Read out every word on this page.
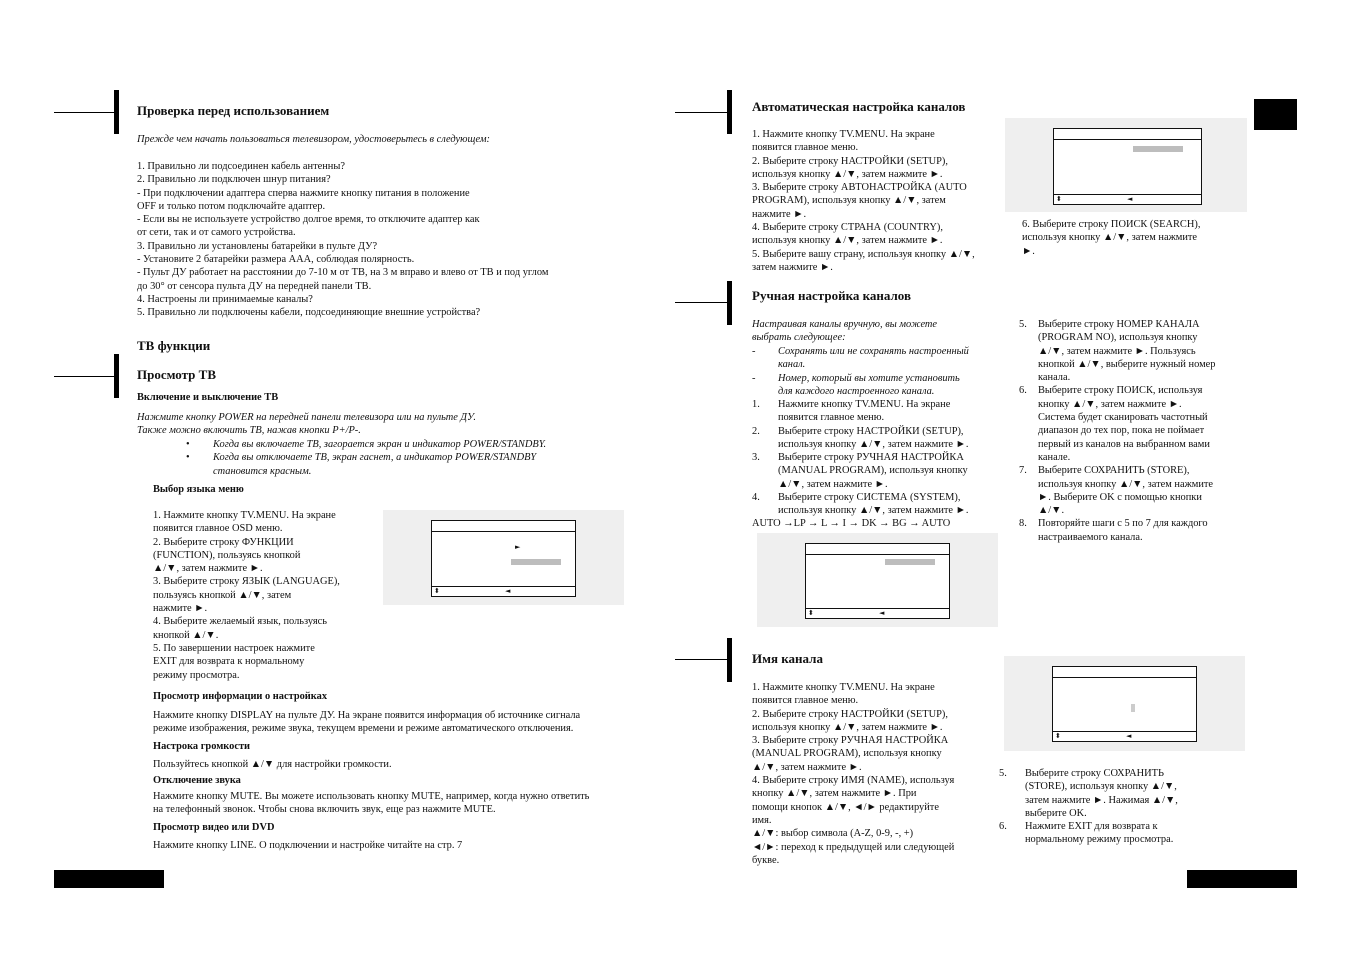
Проверка перед использованием
Прежде чем начать пользоваться телевизором, удостоверьтесь в следующем:
1. Правильно ли подсоединен кабель антенны?
2. Правильно ли подключен шнур питания?
- При подключении адаптера сперва нажмите кнопку питания в положение
OFF и только потом подключайте адаптер.
- Если вы не используете устройство долгое время, то отключите адаптер как
от сети, так и от самого устройства.
3. Правильно ли установлены батарейки в пульте ДУ?
- Установите 2 батарейки размера AAA, соблюдая полярность.
- Пульт ДУ работает на расстоянии до 7-10 м от ТВ, на 3 м вправо и влево от ТВ и под углом
до 30° от сенсора пульта ДУ на передней панели ТВ.
4. Настроены ли принимаемые каналы?
5. Правильно ли подключены кабели, подсоединяющие внешние устройства?
ТВ функции
Просмотр ТВ
Включение и выключение ТВ
Нажмите кнопку POWER на передней панели телевизора или на пульте ДУ.
Также можно включить ТВ, нажав кнопки P+/P-.
• Когда вы включаете ТВ, загорается экран и индикатор POWER/STANDBY.
• Когда вы отключаете ТВ, экран гаснет, а индикатор POWER/STANDBY
становится красным.
Выбор языка меню
1. Нажмите кнопку TV.MENU. На экране
появится главное OSD меню.
2. Выберите строку ФУНКЦИИ
(FUNCTION), пользуясь кнопкой
▲/▼, затем нажмите ►.
3. Выберите строку ЯЗЫК (LANGUAGE),
пользуясь кнопкой ▲/▼, затем
нажмите ►.
4. Выберите желаемый язык, пользуясь
кнопкой ▲/▼.
5. По завершении настроек нажмите
EXIT для возврата к нормальному
режиму просмотра.
►
⬍	◄
Просмотр информации о настройках
Нажмите кнопку DISPLAY на пульте ДУ. На экране появится информация об источнике сигнала
режиме изображения, режиме звука, текущем времени и режиме автоматического отключения.
Настрока громкости
Пользуйтесь кнопкой ▲/▼ для настройки громкости.
Отключение звука
Нажмите кнопку MUTE. Вы можете использовать кнопку MUTE, например, когда нужно ответить
на телефонный звонок. Чтобы снова включить звук, еще раз нажмите MUTE.
Просмотр видео или DVD
Нажмите кнопку LINE. О подключении и настройке читайте на стр. 7
Автоматическая настройка каналов
1. Нажмите кнопку TV.MENU. На экране
появится главное меню.
2. Выберите строку НАСТРОЙКИ (SETUP),
используя кнопку ▲/▼, затем нажмите ►.
3. Выберите строку АВТОНАСТРОЙКА (AUTO
PROGRAM), используя кнопку ▲/▼, затем
нажмите ►.
4. Выберите строку СТРАНА (COUNTRY),
используя кнопку ▲/▼, затем нажмите ►.
5. Выберите вашу страну, используя кнопку ▲/▼,
затем нажмите ►.
⬍	◄
6. Выберите строку ПОИСК (SEARCH),
используя кнопку ▲/▼, затем нажмите
►.
Ручная настройка каналов
Настраивая каналы вручную, вы можете
выбрать следующее:
- Сохранять или не сохранять настроенный
канал.
- Номер, который вы хотите установить
для каждого настроенного канала.
1. Нажмите кнопку TV.MENU. На экране
появится главное меню.
2. Выберите строку НАСТРОЙКИ (SETUP),
используя кнопку ▲/▼, затем нажмите ►.
3. Выберите строку РУЧНАЯ НАСТРОЙКА
(MANUAL PROGRAM), используя кнопку
▲/▼, затем нажмите ►.
4. Выберите строку СИСТЕМА (SYSTEM),
используя кнопку ▲/▼, затем нажмите ►.
AUTO →LP → L → I → DK → BG → AUTO
⬍	◄
5. Выберите строку НОМЕР КАНАЛА
(PROGRAM NO), используя кнопку
▲/▼, затем нажмите ►. Пользуясь
кнопкой ▲/▼, выберите нужный номер
канала.
6. Выберите строку ПОИСК, используя
кнопку ▲/▼, затем нажмите ►.
Система будет сканировать частотный
диапазон до тех пор, пока не поймает
первый из каналов на выбранном вами
канале.
7. Выберите СОХРАНИТЬ (STORE),
используя кнопку ▲/▼, затем нажмите
►. Выберите OK с помощью кнопки
▲/▼.
8. Повторяйте шаги с 5 по 7 для каждого
настраиваемого канала.
Имя канала
1. Нажмите кнопку TV.MENU. На экране
появится главное меню.
2. Выберите строку НАСТРОЙКИ (SETUP),
используя кнопку ▲/▼, затем нажмите ►.
3. Выберите строку РУЧНАЯ НАСТРОЙКА
(MANUAL PROGRAM), используя кнопку
▲/▼, затем нажмите ►.
4. Выберите строку ИМЯ (NAME), используя
кнопку ▲/▼, затем нажмите ►. При
помощи кнопок ▲/▼, ◄/► редактируйте
имя.
▲/▼: выбор символа (A-Z, 0-9, -, +)
◄/►: переход к предыдущей или следующей
букве.
⬍	◄
5. Выберите строку СОХРАНИТЬ
(STORE), используя кнопку ▲/▼,
затем нажмите ►. Нажимая ▲/▼,
выберите OK.
6. Нажмите EXIT для возврата к
нормальному режиму просмотра.
